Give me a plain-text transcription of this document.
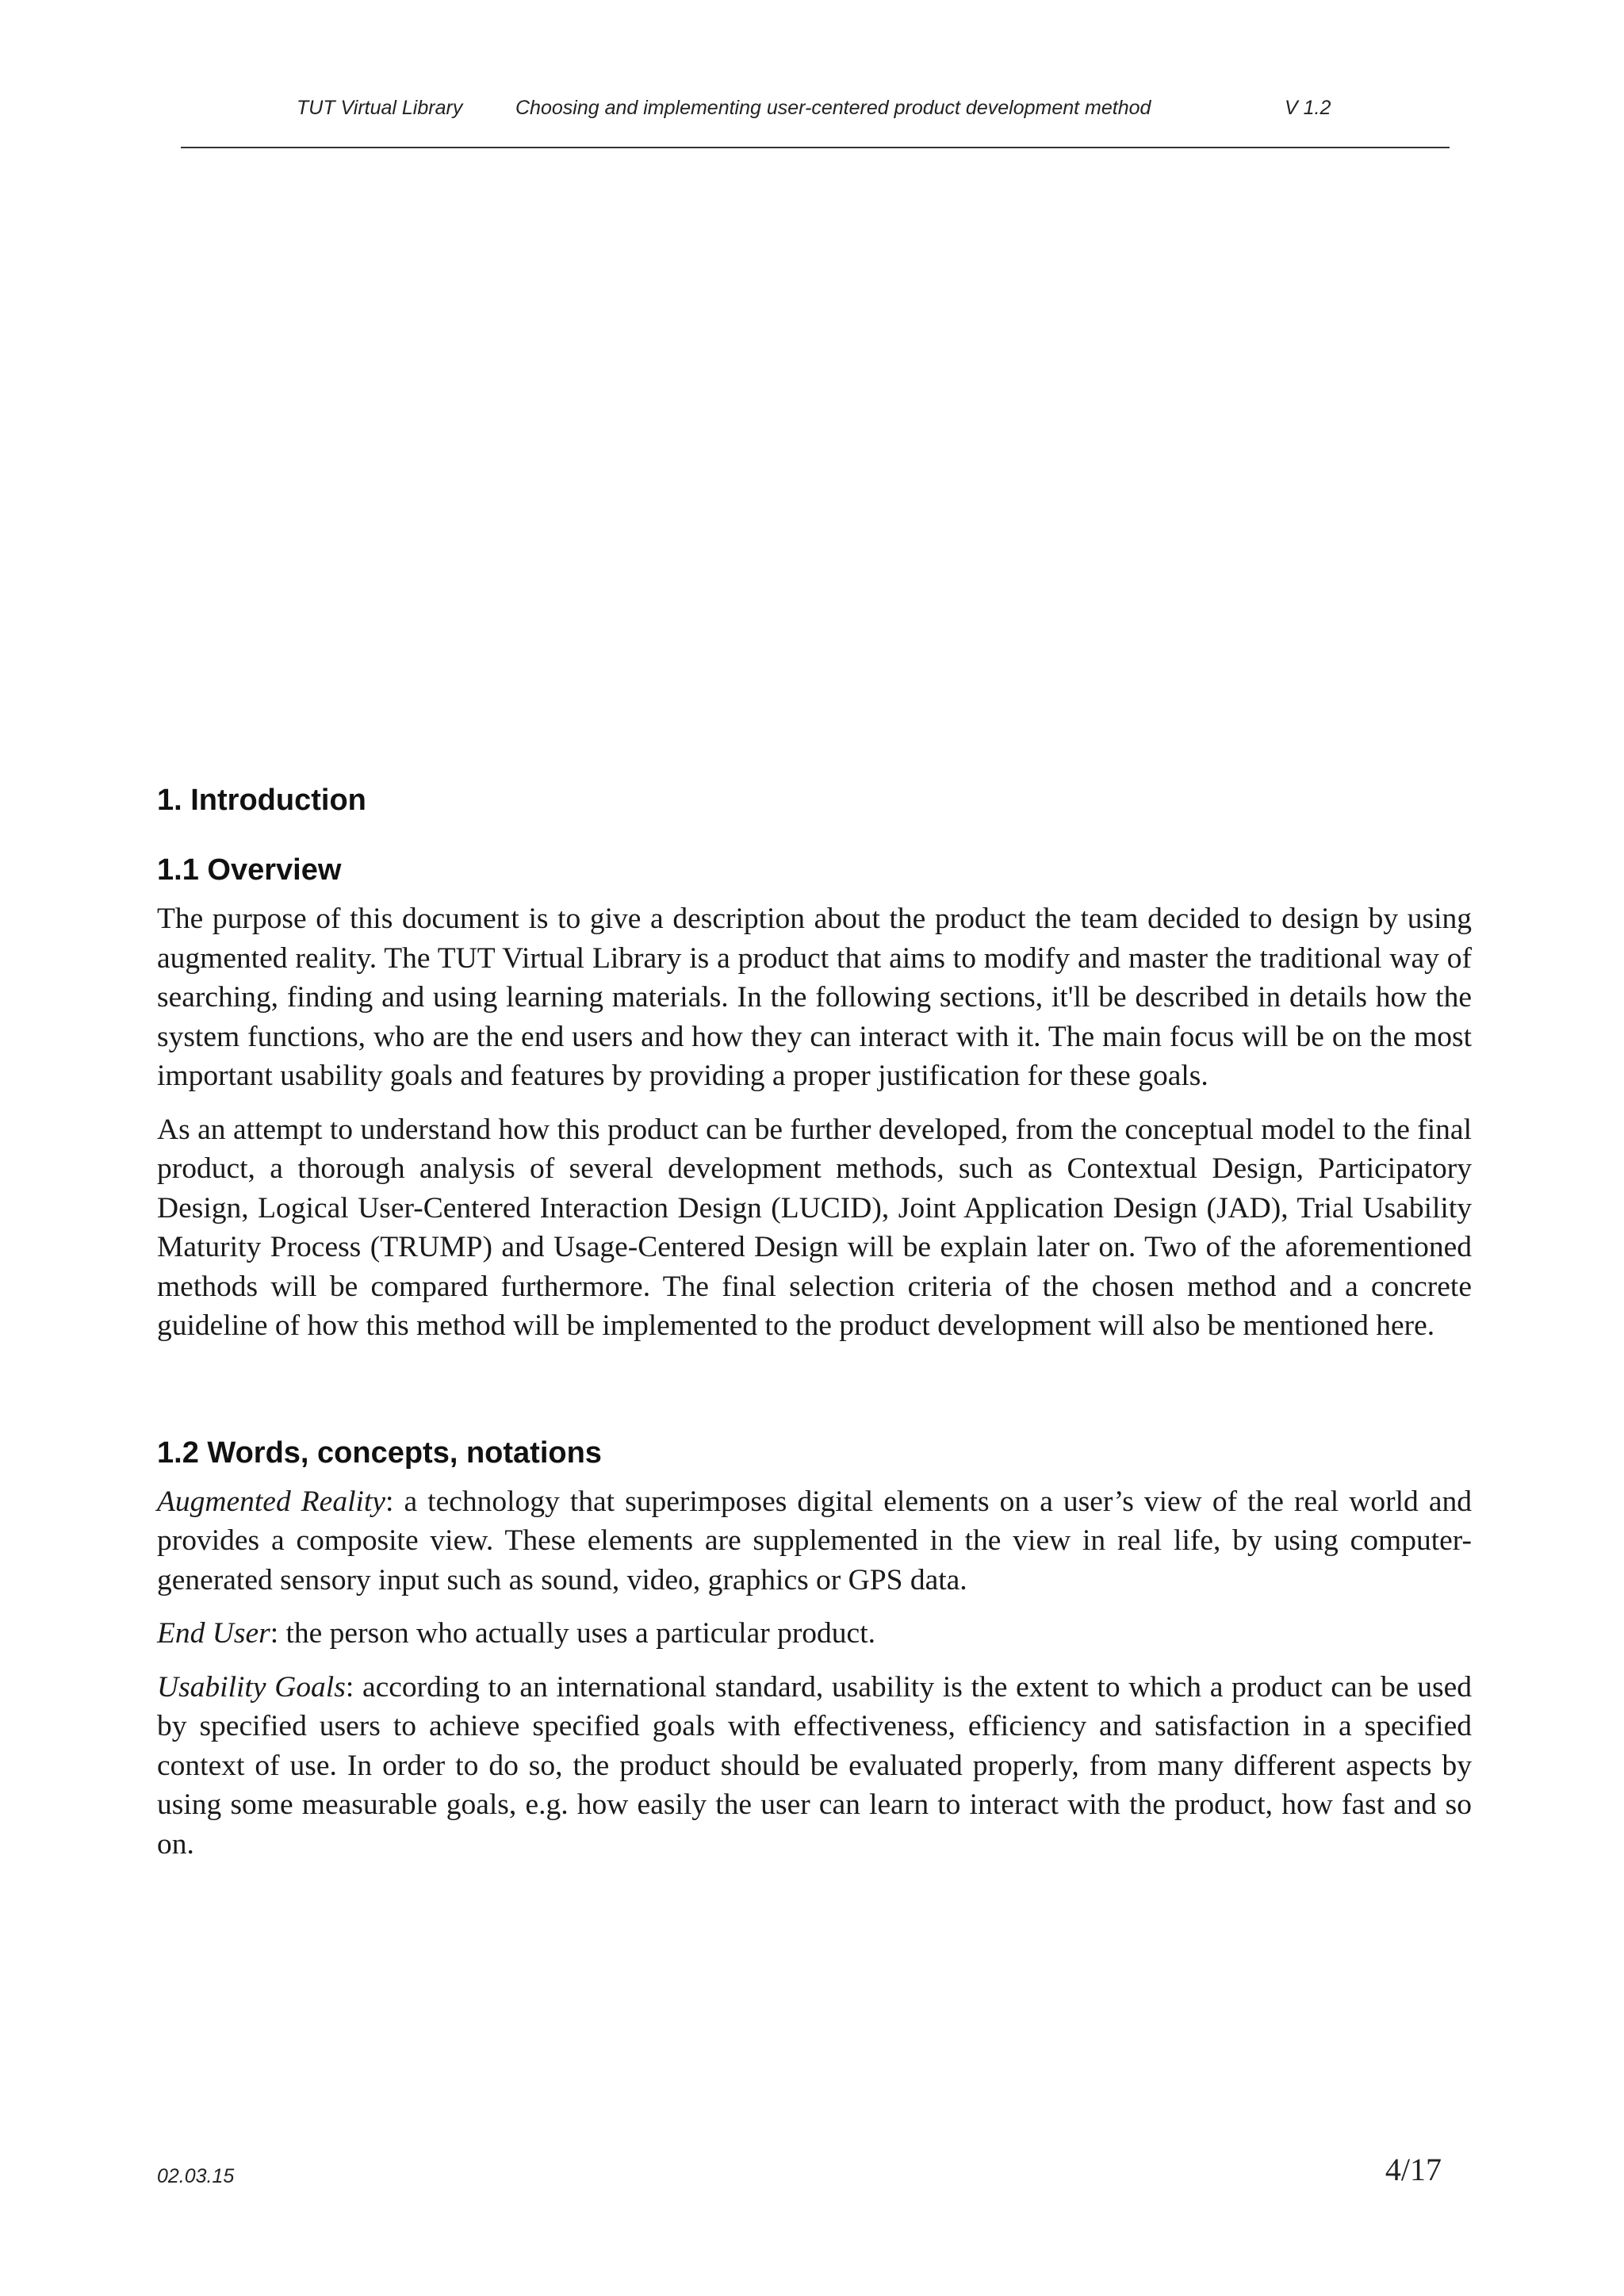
TUT Virtual Library	Choosing and implementing user-centered product development method	V 1.2
1. Introduction
1.1 Overview

The purpose of this document is to give a description about the product the team decided to design by using augmented reality. The TUT Virtual Library is a product that aims to modify and master the traditional way of searching, finding and using learning materials. In the following sections, it'll be described in details how the system functions, who are the end users and how they can interact with it. The main focus will be on the most important usability goals and features by providing a proper justification for these goals.

As an attempt to understand how this product can be further developed, from the conceptual model to the final product, a thorough analysis of several development methods, such as Contextual Design, Participatory Design, Logical User-Centered Interaction Design (LUCID), Joint Application Design (JAD), Trial Usability Maturity Process (TRUMP) and Usage-Centered Design will be explain later on. Two of the aforementioned methods will be compared furthermore. The final selection criteria of the chosen method and a concrete guideline of how this method will be implemented to the product development will also be mentioned here.

1.2 Words, concepts, notations

Augmented Reality: a technology that superimposes digital elements on a user’s view of the real world and provides a composite view. These elements are supplemented in the view in real life, by using computer-generated sensory input such as sound, video, graphics or GPS data.

End User: the person who actually uses a particular product.

Usability Goals: according to an international standard, usability is the extent to which a product can be used by specified users to achieve specified goals with effectiveness, efficiency and satisfaction in a specified context of use. In order to do so, the product should be evaluated properly, from many different aspects by using some measurable goals, e.g. how easily the user can learn to interact with the product, how fast and so on.

02.03.15	4/17
